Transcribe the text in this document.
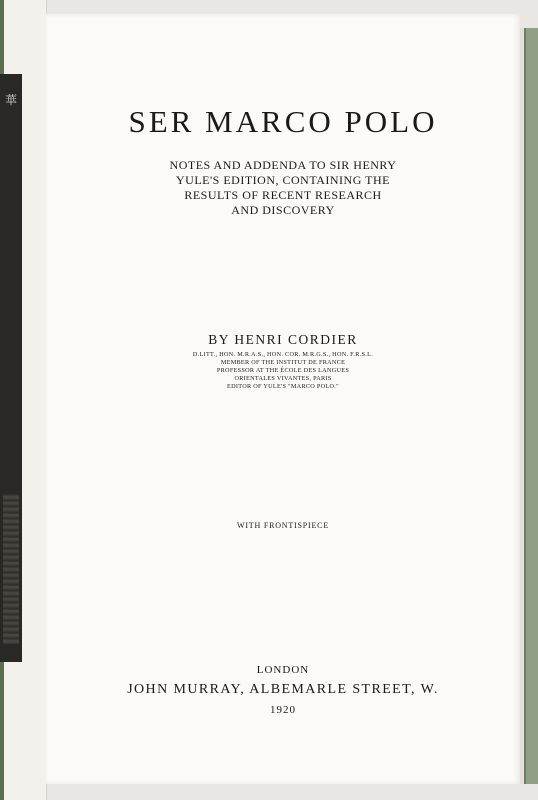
華
SER MARCO POLO
NOTES AND ADDENDA TO SIR HENRY
YULE'S EDITION, CONTAINING THE
RESULTS OF RECENT RESEARCH
AND DISCOVERY
BY HENRI CORDIER
D.LITT., HON. M.R.A.S., HON. COR. M.R.G.S., HON. F.R.S.L.
MEMBER OF THE INSTITUT DE FRANCE
PROFESSOR AT THE ÉCOLE DES LANGUES
ORIENTALES VIVANTES, PARIS
EDITOR OF YULE'S "MARCO POLO."
WITH FRONTISPIECE
LONDON
JOHN MURRAY, ALBEMARLE STREET, W.
1920
